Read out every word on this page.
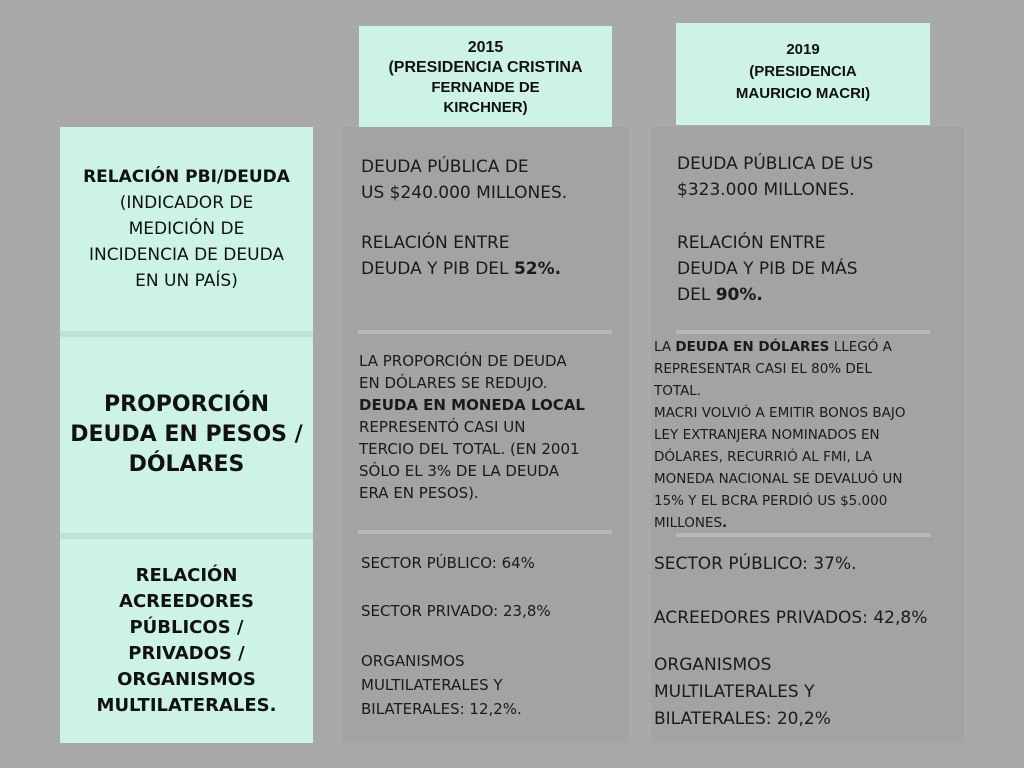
2015
(PRESIDENCIA CRISTINA
FERNANDE DE
KIRCHNER)
2019
(PRESIDENCIA
MAURICIO MACRI)
RELACIÓN PBI/DEUDA
(INDICADOR DE
MEDICIÓN DE
INCIDENCIA DE DEUDA
EN UN PAÍS)
PROPORCIÓN
DEUDA EN PESOS /
DÓLARES
RELACIÓN
ACREEDORES
PÚBLICOS /
PRIVADOS /
ORGANISMOS
MULTILATERALES.
DEUDA PÚBLICA DE
US $240.000 MILLONES.
RELACIÓN ENTRE
DEUDA Y PIB DEL 52%.
LA PROPORCIÓN DE DEUDA
EN DÓLARES SE REDUJO.
DEUDA EN MONEDA LOCAL
REPRESENTÓ CASI UN
TERCIO DEL TOTAL. (EN 2001
SÓLO EL 3% DE LA DEUDA
ERA EN PESOS).
SECTOR PÚBLICO: 64%
SECTOR PRIVADO: 23,8%
ORGANISMOS
MULTILATERALES Y
BILATERALES: 12,2%.
DEUDA PÚBLICA DE US
$323.000 MILLONES.
RELACIÓN ENTRE
DEUDA Y PIB DE MÁS
DEL 90%.
LA DEUDA EN DÓLARES LLEGÓ A
REPRESENTAR CASI EL 80% DEL
TOTAL.
MACRI VOLVIÓ A EMITIR BONOS BAJO
LEY EXTRANJERA NOMINADOS EN
DÓLARES, RECURRIÓ AL FMI, LA
MONEDA NACIONAL SE DEVALUÓ UN
15% Y EL BCRA PERDIÓ US $5.000
MILLONES.
SECTOR PÚBLICO: 37%.
ACREEDORES PRIVADOS: 42,8%
ORGANISMOS
MULTILATERALES Y
BILATERALES: 20,2%
